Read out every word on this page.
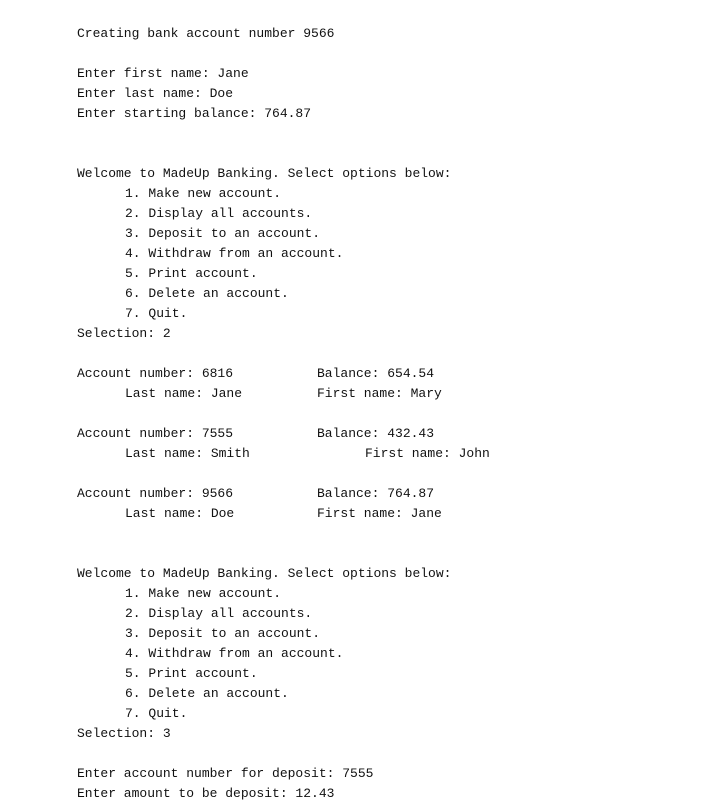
Creating bank account number 9566
Enter first name: Jane
Enter last name: Doe
Enter starting balance: 764.87
Welcome to MadeUp Banking. Select options below:
1. Make new account.
2. Display all accounts.
3. Deposit to an account.
4. Withdraw from an account.
5. Print account.
6. Delete an account.
7. Quit.
Selection: 2
Account number: 6816	Balance: 654.54
Last name: Jane	First name: Mary
Account number: 7555	Balance: 432.43
Last name: Smith	First name: John
Account number: 9566	Balance: 764.87
Last name: Doe	First name: Jane
Welcome to MadeUp Banking. Select options below:
1. Make new account.
2. Display all accounts.
3. Deposit to an account.
4. Withdraw from an account.
5. Print account.
6. Delete an account.
7. Quit.
Selection: 3
Enter account number for deposit: 7555
Enter amount to be deposit: 12.43
